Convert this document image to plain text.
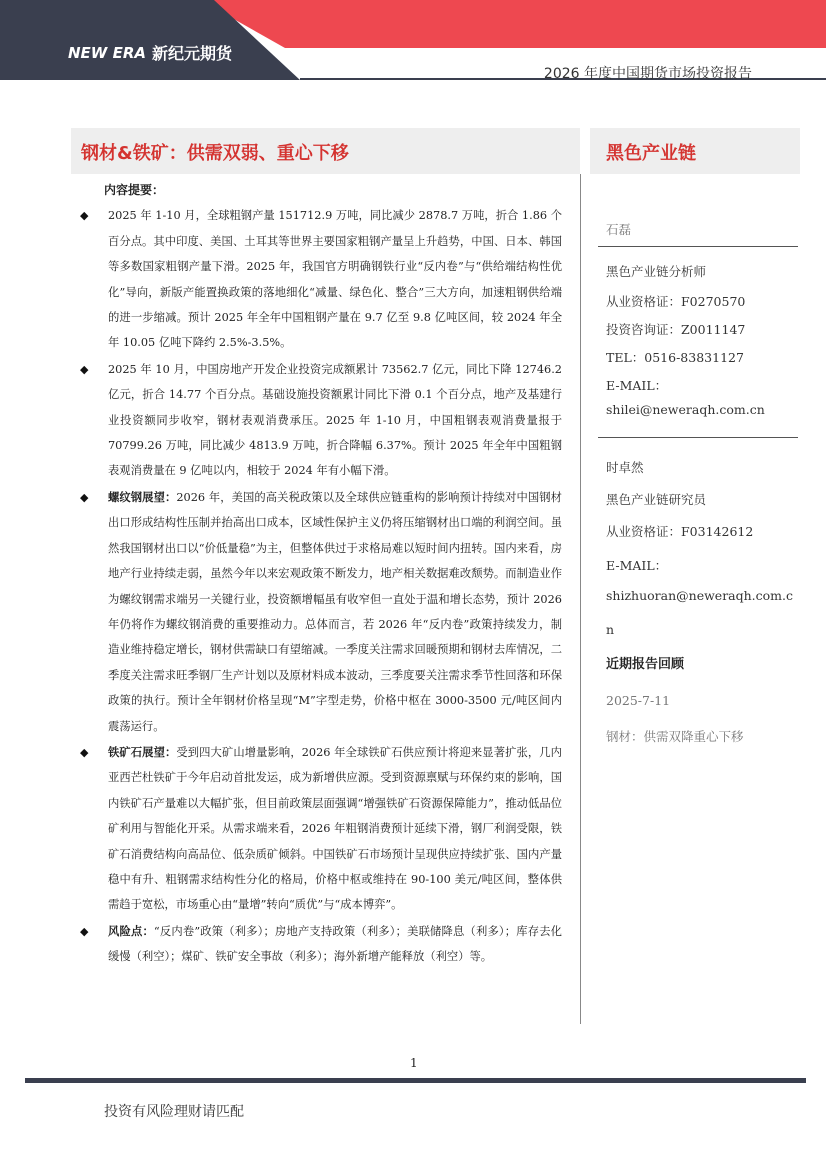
NEW ERA 新纪元期货
2026 年度中国期货市场投资报告
钢材&铁矿：供需双弱、重心下移	黑色产业链
内容提要：
◆ 2025 年 1-10 月，全球粗钢产量 151712.9 万吨，同比减少 2878.7 万吨，折合 1.86 个百分点。其中印度、美国、土耳其等世界主要国家粗钢产量呈上升趋势，中国、日本、韩国等多数国家粗钢产量下滑。2025 年，我国官方明确钢铁行业“反内卷”与“供给端结构性优化”导向，新版产能置换政策的落地细化“减量、绿色化、整合”三大方向，加速粗钢供给端的进一步缩减。预计 2025 年全年中国粗钢产量在 9.7 亿至 9.8 亿吨区间，较 2024 年全年 10.05 亿吨下降约 2.5%-3.5%。
◆ 2025 年 10 月，中国房地产开发企业投资完成额累计 73562.7 亿元，同比下降 12746.2 亿元，折合 14.77 个百分点。基础设施投资额累计同比下滑 0.1 个百分点，地产及基建行业投资额同步收窄，钢材表观消费承压。2025 年 1-10 月，中国粗钢表观消费量报于 70799.26 万吨，同比减少 4813.9 万吨，折合降幅 6.37%。预计 2025 年全年中国粗钢表观消费量在 9 亿吨以内，相较于 2024 年有小幅下滑。
◆ 螺纹钢展望：2026 年，美国的高关税政策以及全球供应链重构的影响预计持续对中国钢材出口形成结构性压制并抬高出口成本，区域性保护主义仍将压缩钢材出口端的利润空间。虽然我国钢材出口以“价低量稳”为主，但整体供过于求格局难以短时间内扭转。国内来看，房地产行业持续走弱，虽然今年以来宏观政策不断发力，地产相关数据难改颓势。而制造业作为螺纹钢需求端另一关键行业，投资额增幅虽有收窄但一直处于温和增长态势，预计 2026 年仍将作为螺纹钢消费的重要推动力。总体而言，若 2026 年“反内卷”政策持续发力，制造业维持稳定增长，钢材供需缺口有望缩减。一季度关注需求回暖预期和钢材去库情况，二季度关注需求旺季钢厂生产计划以及原材料成本波动，三季度要关注需求季节性回落和环保政策的执行。预计全年钢材价格呈现“M”字型走势，价格中枢在 3000-3500 元/吨区间内震荡运行。
◆ 铁矿石展望：受到四大矿山增量影响，2026 年全球铁矿石供应预计将迎来显著扩张，几内亚西芒杜铁矿于今年启动首批发运，成为新增供应源。受到资源禀赋与环保约束的影响，国内铁矿石产量难以大幅扩张，但目前政策层面强调“增强铁矿石资源保障能力”，推动低品位矿利用与智能化开采。从需求端来看，2026 年粗钢消费预计延续下滑，钢厂利润受限，铁矿石消费结构向高品位、低杂质矿倾斜。中国铁矿石市场预计呈现供应持续扩张、国内产量稳中有升、粗钢需求结构性分化的格局，价格中枢或维持在 90-100 美元/吨区间，整体供需趋于宽松，市场重心由“量增”转向“质优”与“成本博弈”。
◆ 风险点：“反内卷”政策（利多）；房地产支持政策（利多）；美联储降息（利多）；库存去化缓慢（利空）；煤矿、铁矿安全事故（利多）；海外新增产能释放（利空）等。
石磊
黑色产业链分析师
从业资格证：F0270570
投资咨询证：Z0011147
TEL：0516-83831127
E-MAIL：
shilei@neweraqh.com.cn
时卓然
黑色产业链研究员
从业资格证：F03142612
E-MAIL：
shizhuoran@neweraqh.com.c
n
近期报告回顾
2025-7-11
钢材：供需双降重心下移
1
投资有风险理财请匹配
